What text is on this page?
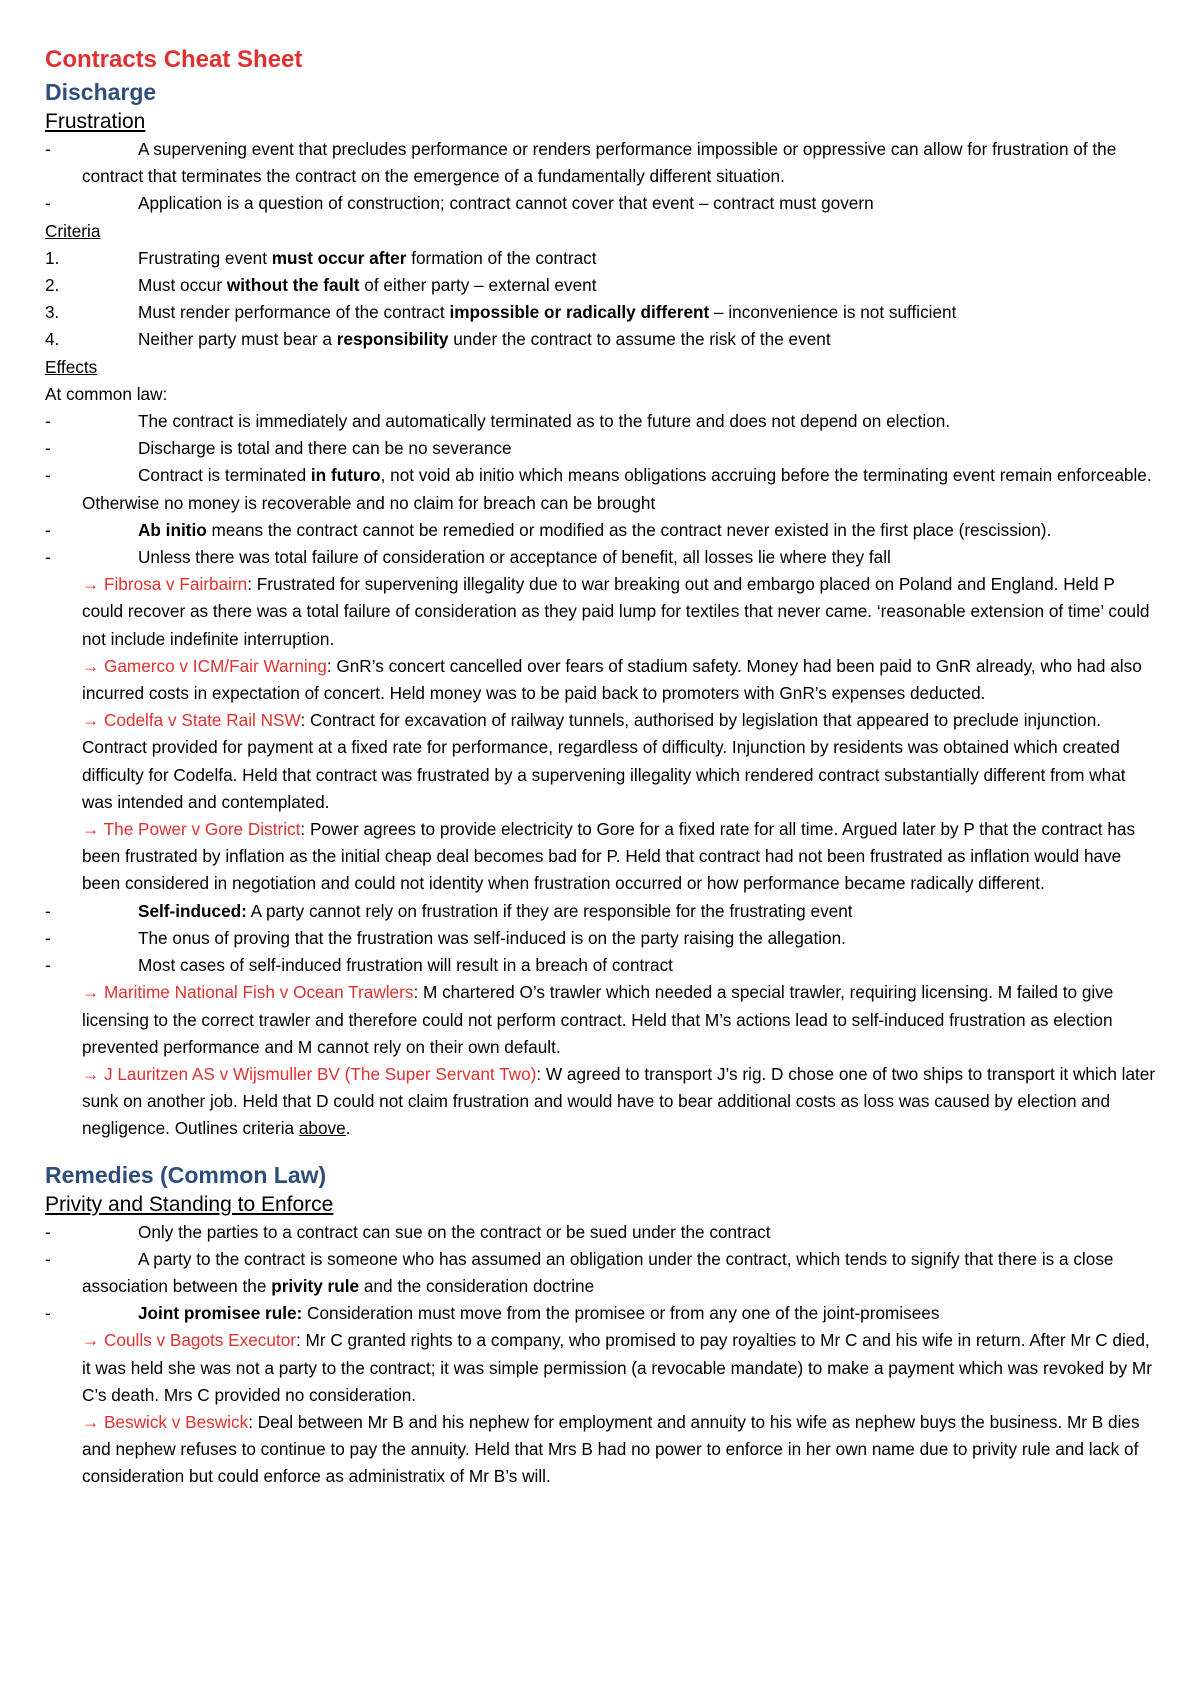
Contracts Cheat Sheet

Discharge

Frustration

-	A supervening event that precludes performance or renders performance impossible or oppressive can allow for frustration of the contract that terminates the contract on the emergence of a fundamentally different situation.
-	Application is a question of construction; contract cannot cover that event – contract must govern

Criteria

1.	Frustrating event must occur after formation of the contract
2.	Must occur without the fault of either party – external event
3.	Must render performance of the contract impossible or radically different – inconvenience is not sufficient
4.	Neither party must bear a responsibility under the contract to assume the risk of the event

Effects

At common law:

-	The contract is immediately and automatically terminated as to the future and does not depend on election.
-	Discharge is total and there can be no severance
-	Contract is terminated in futuro, not void ab initio which means obligations accruing before the terminating event remain enforceable. Otherwise no money is recoverable and no claim for breach can be brought
-	Ab initio means the contract cannot be remedied or modified as the contract never existed in the first place (rescission).
-	Unless there was total failure of consideration or acceptance of benefit, all losses lie where they fall

→ Fibrosa v Fairbairn: Frustrated for supervening illegality due to war breaking out and embargo placed on Poland and England. Held P could recover as there was a total failure of consideration as they paid lump for textiles that never came. ‘reasonable extension of time’ could not include indefinite interruption.

→ Gamerco v ICM/Fair Warning: GnR’s concert cancelled over fears of stadium safety. Money had been paid to GnR already, who had also incurred costs in expectation of concert. Held money was to be paid back to promoters with GnR’s expenses deducted.

→ Codelfa v State Rail NSW: Contract for excavation of railway tunnels, authorised by legislation that appeared to preclude injunction. Contract provided for payment at a fixed rate for performance, regardless of difficulty. Injunction by residents was obtained which created difficulty for Codelfa. Held that contract was frustrated by a supervening illegality which rendered contract substantially different from what was intended and contemplated.

→ The Power v Gore District: Power agrees to provide electricity to Gore for a fixed rate for all time. Argued later by P that the contract has been frustrated by inflation as the initial cheap deal becomes bad for P. Held that contract had not been frustrated as inflation would have been considered in negotiation and could not identity when frustration occurred or how performance became radically different.

-	Self-induced: A party cannot rely on frustration if they are responsible for the frustrating event
-	The onus of proving that the frustration was self-induced is on the party raising the allegation.
-	Most cases of self-induced frustration will result in a breach of contract

→ Maritime National Fish v Ocean Trawlers: M chartered O’s trawler which needed a special trawler, requiring licensing. M failed to give licensing to the correct trawler and therefore could not perform contract. Held that M’s actions lead to self-induced frustration as election prevented performance and M cannot rely on their own default.

→ J Lauritzen AS v Wijsmuller BV (The Super Servant Two): W agreed to transport J’s rig. D chose one of two ships to transport it which later sunk on another job. Held that D could not claim frustration and would have to bear additional costs as loss was caused by election and negligence. Outlines criteria above.

Remedies (Common Law)

Privity and Standing to Enforce

-	Only the parties to a contract can sue on the contract or be sued under the contract
-	A party to the contract is someone who has assumed an obligation under the contract, which tends to signify that there is a close association between the privity rule and the consideration doctrine
-	Joint promisee rule: Consideration must move from the promisee or from any one of the joint-promisees

→ Coulls v Bagots Executor: Mr C granted rights to a company, who promised to pay royalties to Mr C and his wife in return. After Mr C died, it was held she was not a party to the contract; it was simple permission (a revocable mandate) to make a payment which was revoked by Mr C’s death. Mrs C provided no consideration.

→ Beswick v Beswick: Deal between Mr B and his nephew for employment and annuity to his wife as nephew buys the business. Mr B dies and nephew refuses to continue to pay the annuity. Held that Mrs B had no power to enforce in her own name due to privity rule and lack of consideration but could enforce as administratix of Mr B’s will.
